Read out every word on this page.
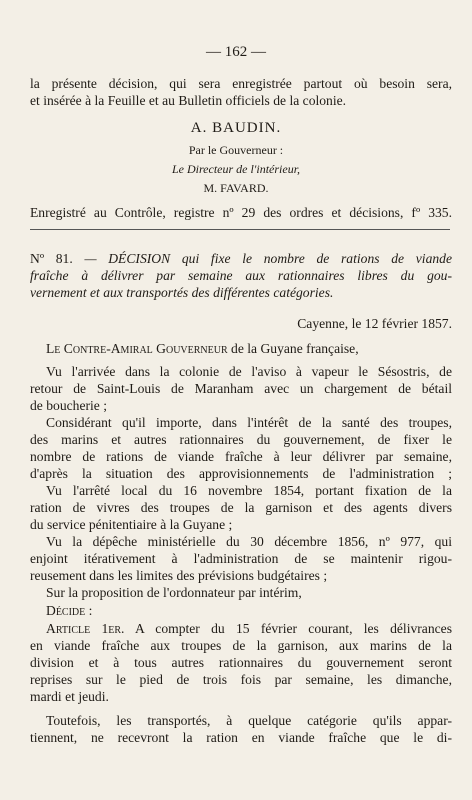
— 162 —
la présente décision, qui sera enregistrée partout où besoin sera,
et insérée à la Feuille et au Bulletin officiels de la colonie.
A. BAUDIN.
Par le Gouverneur :
Le Directeur de l'intérieur,
M. FAVARD.
Enregistré au Contrôle, registre nº 29 des ordres et décisions, fº 335.
Nº 81. — DÉCISION qui fixe le nombre de rations de viande
fraîche à délivrer par semaine aux rationnaires libres du gou-
vernement et aux transportés des différentes catégories.
Cayenne, le 12 février 1857.
Le Contre-Amiral Gouverneur de la Guyane française,
Vu l'arrivée dans la colonie de l'aviso à vapeur le Sésostris, de
retour de Saint-Louis de Maranham avec un chargement de bétail
de boucherie ;
Considérant qu'il importe, dans l'intérêt de la santé des troupes,
des marins et autres rationnaires du gouvernement, de fixer le
nombre de rations de viande fraîche à leur délivrer par semaine,
d'après la situation des approvisionnements de l'administration ;
Vu l'arrêté local du 16 novembre 1854, portant fixation de la
ration de vivres des troupes de la garnison et des agents divers
du service pénitentiaire à la Guyane ;
Vu la dépêche ministérielle du 30 décembre 1856, nº 977, qui
enjoint itérativement à l'administration de se maintenir rigou-
reusement dans les limites des prévisions budgétaires ;
Sur la proposition de l'ordonnateur par intérim,
Décide :
Article 1er. A compter du 15 février courant, les délivrances
en viande fraîche aux troupes de la garnison, aux marins de la
division et à tous autres rationnaires du gouvernement seront
reprises sur le pied de trois fois par semaine, les dimanche,
mardi et jeudi.
Toutefois, les transportés, à quelque catégorie qu'ils appar-
tiennent, ne recevront la ration en viande fraîche que le di-
